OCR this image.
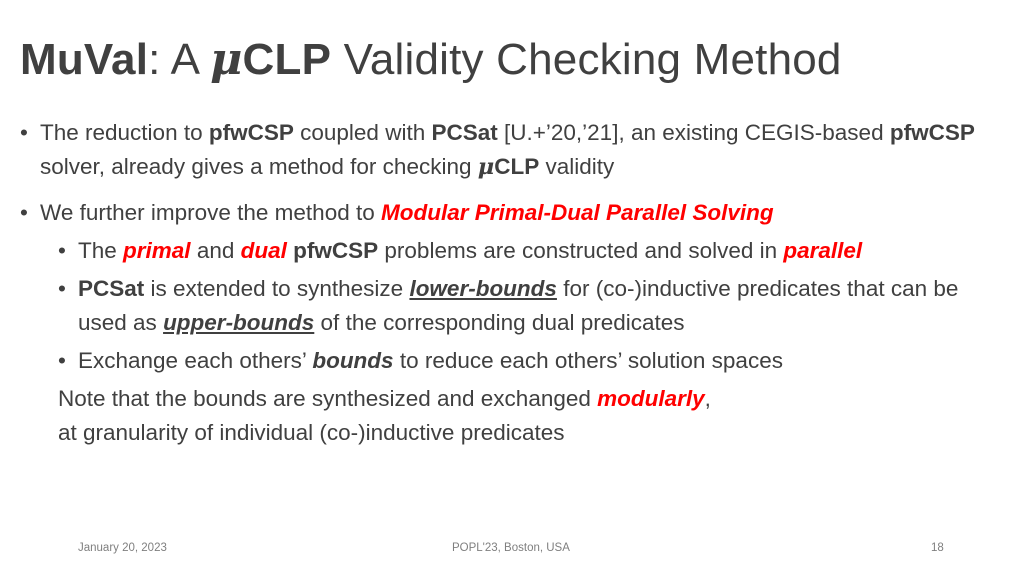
MuVal: A μCLP Validity Checking Method
• The reduction to pfwCSP coupled with PCSat [U.+’20,’21], an existing CEGIS-based pfwCSP solver, already gives a method for checking μCLP validity
• We further improve the method to Modular Primal-Dual Parallel Solving
• The primal and dual pfwCSP problems are constructed and solved in parallel
• PCSat is extended to synthesize lower-bounds for (co-)inductive predicates that can be used as upper-bounds of the corresponding dual predicates
• Exchange each others’ bounds to reduce each others’ solution spaces
Note that the bounds are synthesized and exchanged modularly,
at granularity of individual (co-)inductive predicates
January 20, 2023	POPL'23, Boston, USA	18
